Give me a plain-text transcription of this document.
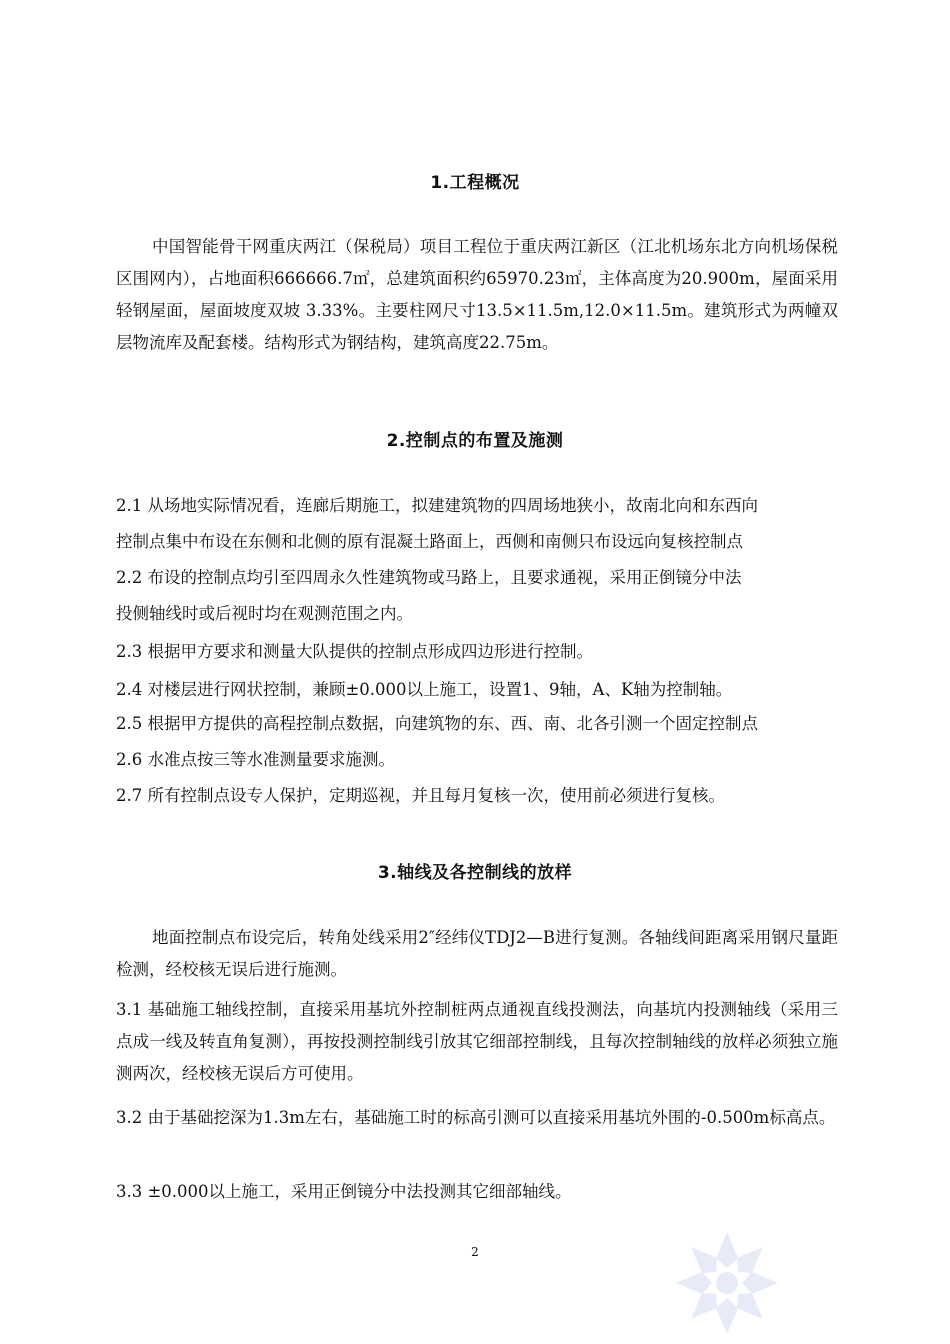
1.工程概况
中国智能骨干网重庆两江（保税局）项目工程位于重庆两江新区（江北机场东北方向机场保税区围网内），占地面积666666.7㎡，总建筑面积约65970.23㎡，主体高度为20.900m，屋面采用轻钢屋面，屋面坡度双坡 3.33%。主要柱网尺寸13.5×11.5m,12.0×11.5m。建筑形式为两幢双层物流库及配套楼。结构形式为钢结构，建筑高度22.75m。
2.控制点的布置及施测
2.1 从场地实际情况看，连廊后期施工，拟建建筑物的四周场地狭小，故南北向和东西向
控制点集中布设在东侧和北侧的原有混凝土路面上，西侧和南侧只布设远向复核控制点
2.2 布设的控制点均引至四周永久性建筑物或马路上，且要求通视，采用正倒镜分中法
投侧轴线时或后视时均在观测范围之内。
2.3 根据甲方要求和测量大队提供的控制点形成四边形进行控制。
2.4 对楼层进行网状控制，兼顾±0.000以上施工，设置1、9轴，A、K轴为控制轴。
2.5 根据甲方提供的高程控制点数据，向建筑物的东、西、南、北各引测一个固定控制点
2.6 水准点按三等水准测量要求施测。
2.7 所有控制点设专人保护，定期巡视，并且每月复核一次，使用前必须进行复核。
3.轴线及各控制线的放样
地面控制点布设完后，转角处线采用2″经纬仪TDJ2—B进行复测。各轴线间距离采用钢尺量距检测，经校核无误后进行施测。
3.1 基础施工轴线控制，直接采用基坑外控制桩两点通视直线投测法，向基坑内投测轴线（采用三点成一线及转直角复测），再按投测控制线引放其它细部控制线，且每次控制轴线的放样必须独立施测两次，经校核无误后方可使用。
3.2 由于基础挖深为1.3m左右，基础施工时的标高引测可以直接采用基坑外围的-0.500m标高点。
3.3 ±0.000以上施工，采用正倒镜分中法投测其它细部轴线。
2
